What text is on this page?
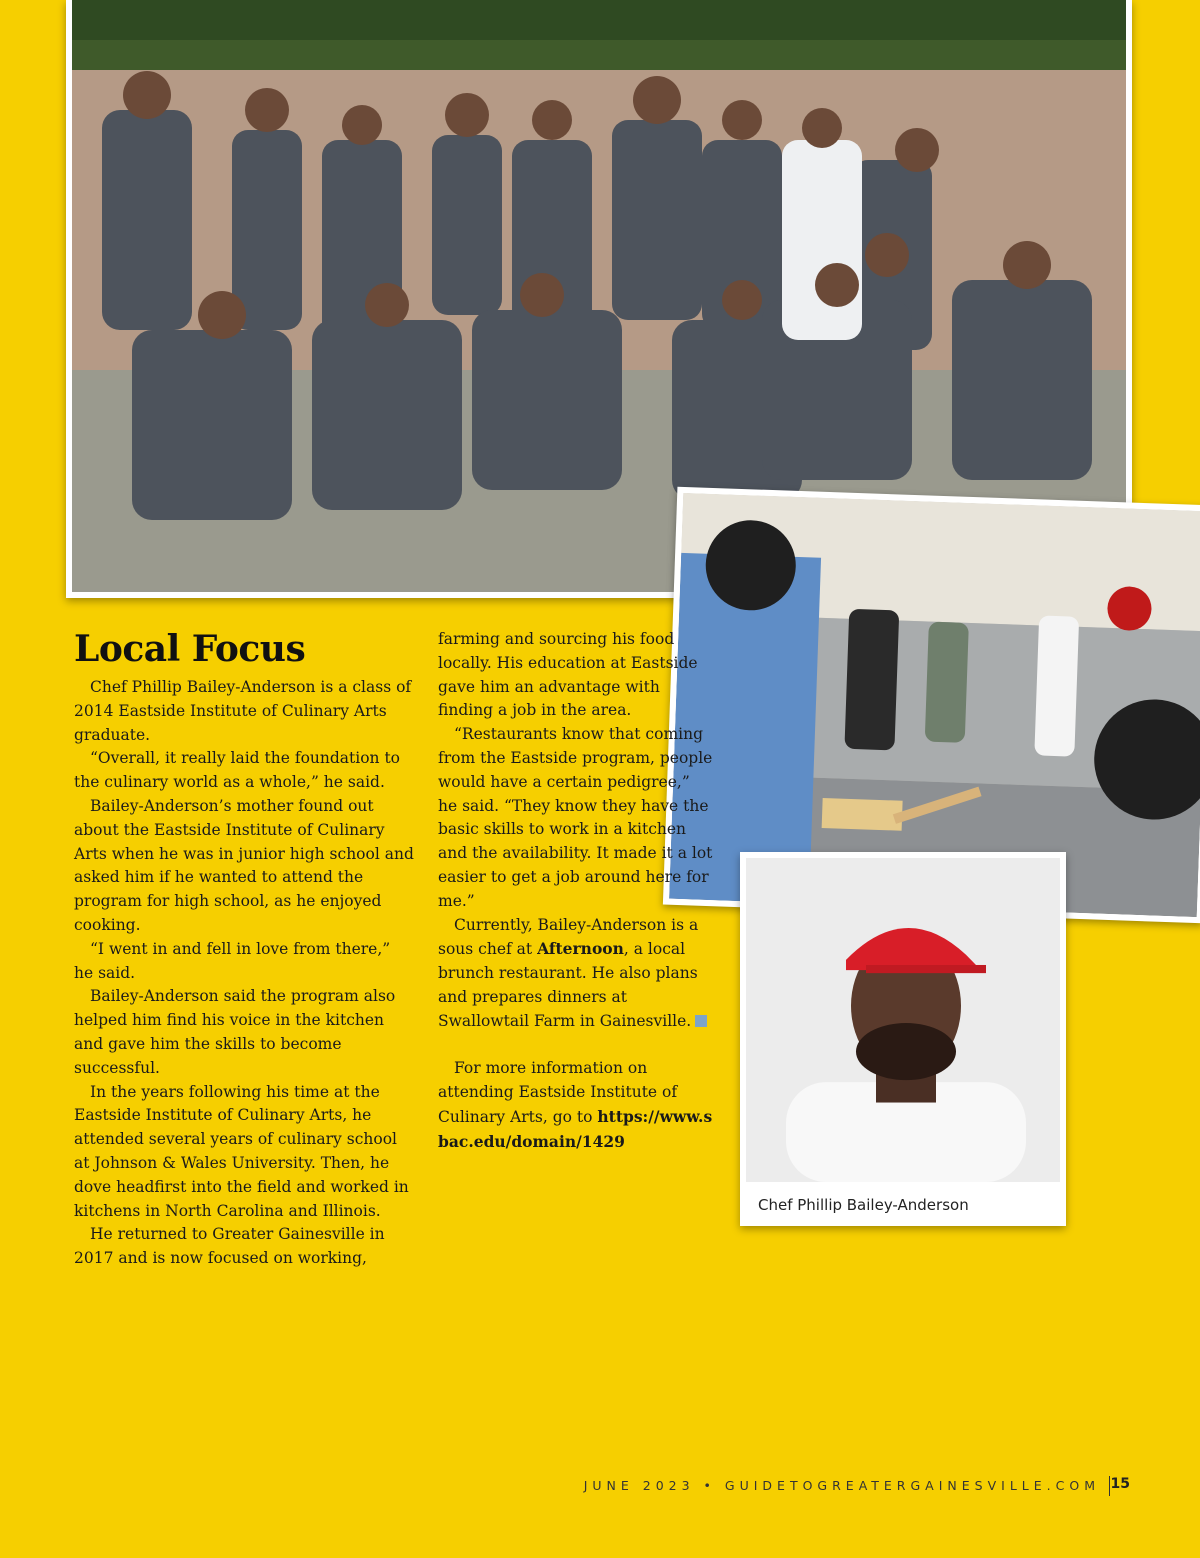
Chef Phillip Bailey-Anderson
Local Focus

Chef Phillip Bailey-Anderson is a class of 2014 Eastside Institute of Culinary Arts graduate.

“Overall, it really laid the foundation to the culinary world as a whole,” he said.

Bailey-Anderson’s mother found out about the Eastside Institute of Culinary Arts when he was in junior high school and asked him if he wanted to attend the program for high school, as he enjoyed cooking.

“I went in and fell in love from there,” he said.

Bailey-Anderson said the program also helped him find his voice in the kitchen and gave him the skills to become successful.

In the years following his time at the Eastside Institute of Culinary Arts, he attended several years of culinary school at Johnson & Wales University. Then, he dove headfirst into the field and worked in kitchens in North Carolina and Illinois.

He returned to Greater Gainesville in 2017 and is now focused on working,

farming and sourcing his food locally. His education at Eastside gave him an advantage with finding a job in the area.

“Restaurants know that coming from the Eastside program, people would have a certain pedigree,” he said. “They know they have the basic skills to work in a kitchen and the availability. It made it a lot easier to get a job around here for me.”

Currently, Bailey-Anderson is a sous chef at Afternoon, a local brunch restaurant. He also plans and prepares dinners at Swallowtail Farm in Gainesville.

For more information on attending Eastside Institute of Culinary Arts, go to https://www.sbac.edu/domain/1429

JUNE 2023 • GUIDETOGREATERGAINESVILLE.COM 15
